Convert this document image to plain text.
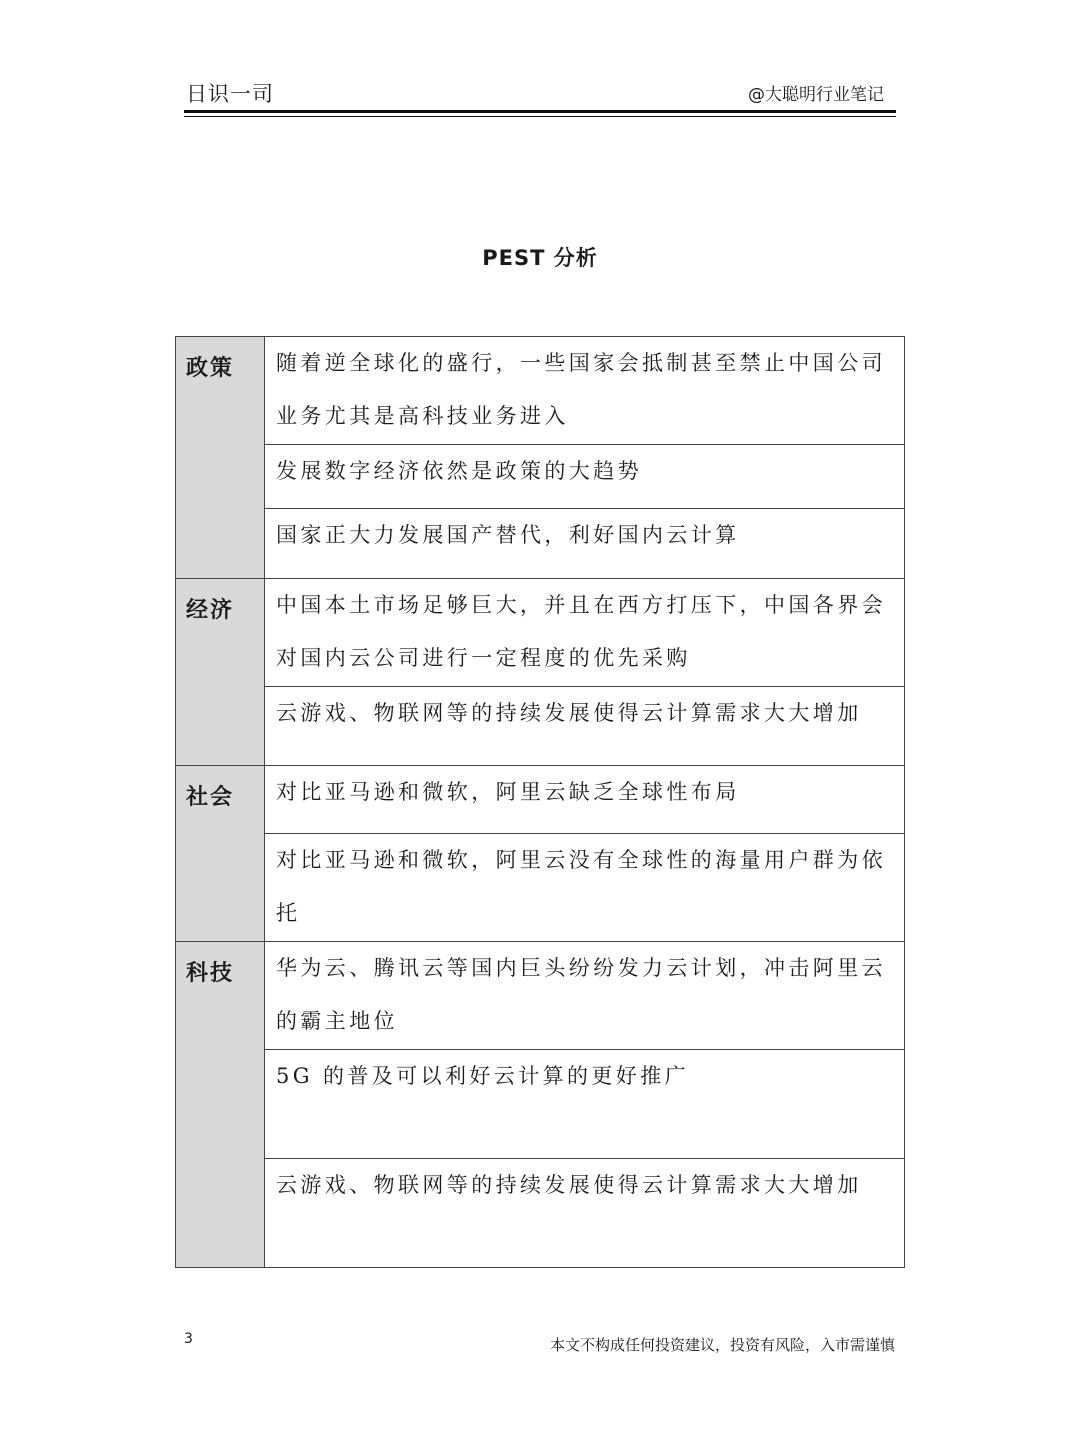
日识一司	@大聪明行业笔记
PEST 分析
政策	随着逆全球化的盛行，一些国家会抵制甚至禁止中国公司业务尤其是高科技业务进入
	发展数字经济依然是政策的大趋势
	国家正大力发展国产替代，利好国内云计算
经济	中国本土市场足够巨大，并且在西方打压下，中国各界会对国内云公司进行一定程度的优先采购
	云游戏、物联网等的持续发展使得云计算需求大大增加
社会	对比亚马逊和微软，阿里云缺乏全球性布局
	对比亚马逊和微软，阿里云没有全球性的海量用户群为依托
科技	华为云、腾讯云等国内巨头纷纷发力云计划，冲击阿里云的霸主地位
	5G 的普及可以利好云计算的更好推广
	云游戏、物联网等的持续发展使得云计算需求大大增加
3	本文不构成任何投资建议，投资有风险，入市需谨慎
